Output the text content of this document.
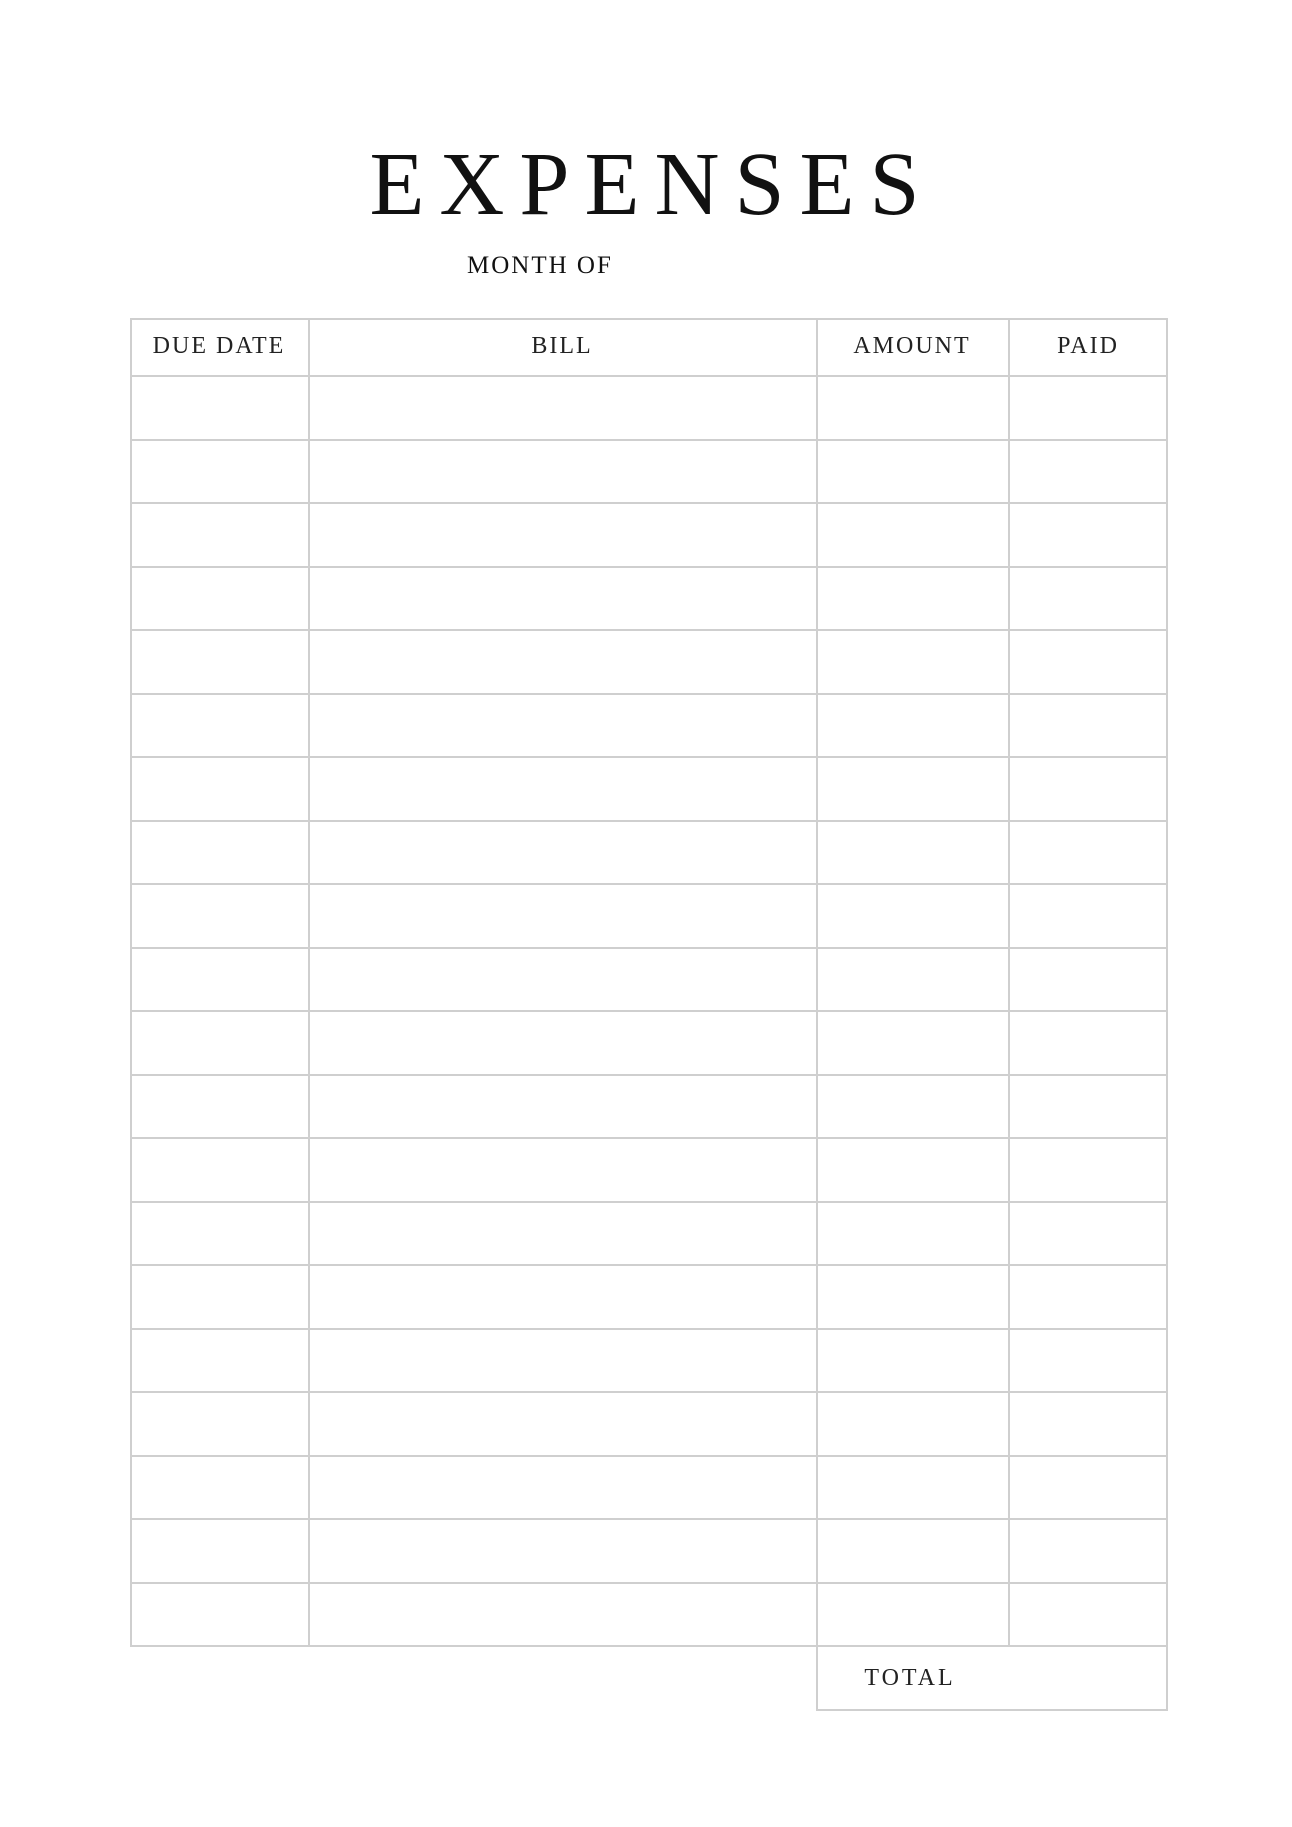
EXPENSES
MONTH OF
DUE DATE	BILL	AMOUNT	PAID
TOTAL
